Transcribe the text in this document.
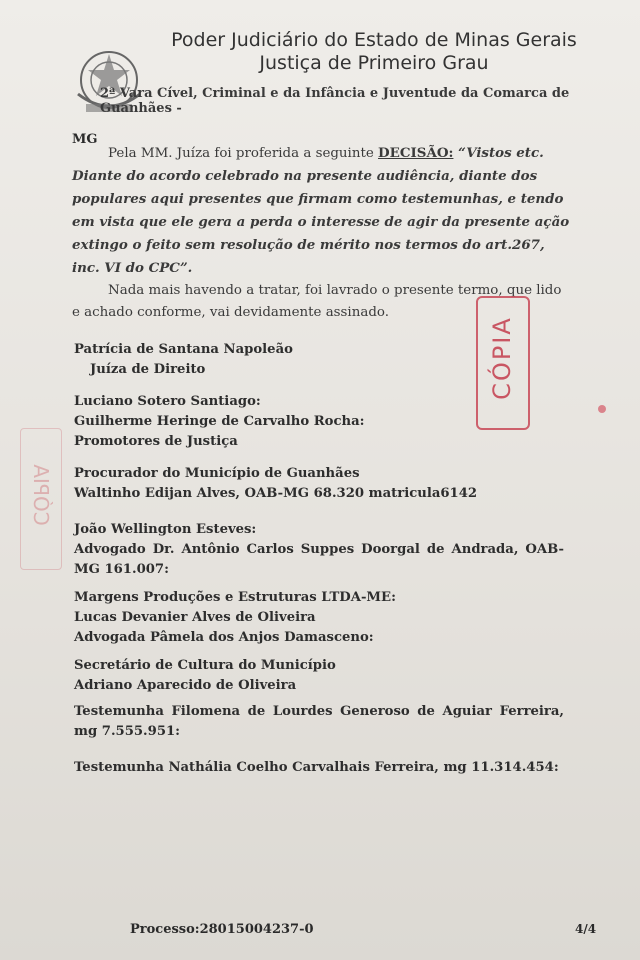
Poder Judiciário do Estado de Minas Gerais
Justiça de Primeiro Grau
2ª Vara Cível, Criminal e da Infância e Juventude da Comarca de Guanhães -
MG
Pela MM. Juíza foi proferida a seguinte DECISÃO: “Vistos etc. Diante do acordo celebrado na presente audiência, diante dos populares aqui presentes que firmam como testemunhas, e tendo em vista que ele gera a perda o interesse de agir da presente ação extingo o feito sem resolução de mérito nos termos do art.267, inc. VI do CPC”.
Nada mais havendo a tratar, foi lavrado o presente termo, que lido e achado conforme, vai devidamente assinado.
CÓPIA
CÓPIA
Patrícia de Santana Napoleão
Juíza de Direito
Luciano Sotero Santiago:
Guilherme Heringe de Carvalho Rocha:
Promotores de Justiça
Procurador do Município de Guanhães
Waltinho Edijan Alves, OAB-MG 68.320 matricula6142
João Wellington Esteves:
Advogado Dr. Antônio Carlos Suppes Doorgal de Andrada, OAB-MG 161.007:
Margens Produções e Estruturas LTDA-ME:
Lucas Devanier Alves de Oliveira
Advogada Pâmela dos Anjos Damasceno:
Secretário de Cultura do Município
Adriano Aparecido de Oliveira
Testemunha Filomena de Lourdes Generoso de Aguiar Ferreira, mg 7.555.951:
Testemunha Nathália Coelho Carvalhais Ferreira, mg 11.314.454:
Processo:28015004237-0	4/4
